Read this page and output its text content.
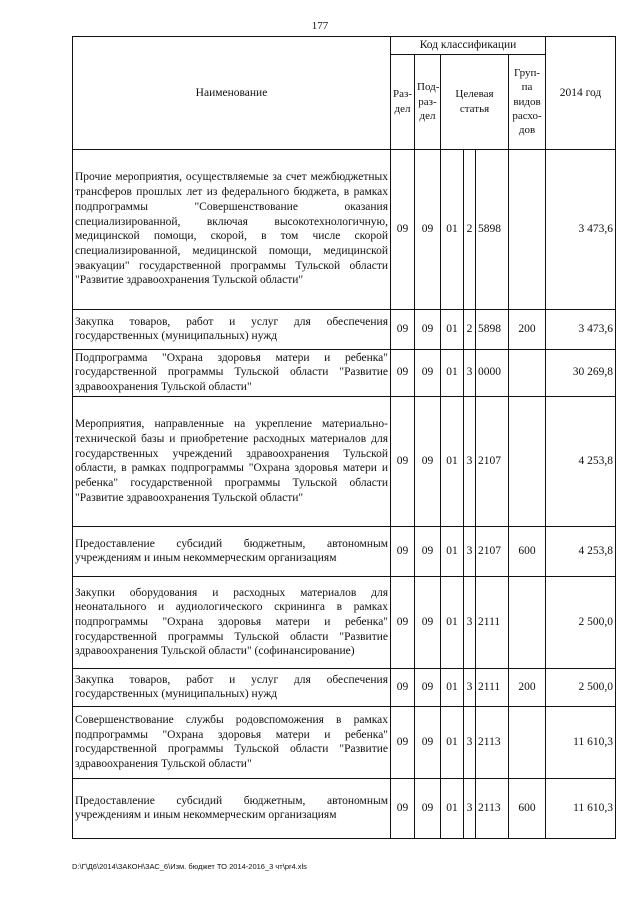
177
Наименование	Код классификации						2014 год
	Раз-дел	Под-раз-дел	Целевая статья			Груп-па видов расхо-дов	
Прочие мероприятия, осуществляемые за счет межбюджетных трансферов прошлых лет из федерального бюджета, в рамках подпрограммы "Совершенствование оказания специализированной, включая высокотехнологичную, медицинской помощи, скорой, в том числе скорой специализированной, медицинской помощи, медицинской эвакуации" государственной программы Тульской области "Развитие здравоохранения Тульской области"	09	09	01	2	5898		3 473,6
Закупка товаров, работ и услуг для обеспечения государственных (муниципальных) нужд	09	09	01	2	5898	200	3 473,6
Подпрограмма "Охрана здоровья матери и ребенка" государственной программы Тульской области "Развитие здравоохранения Тульской области"	09	09	01	3	0000		30 269,8
Мероприятия, направленные на укрепление материально-технической базы и приобретение расходных материалов для государственных учреждений здравоохранения Тульской области, в рамках подпрограммы "Охрана здоровья матери и ребенка" государственной программы Тульской области "Развитие здравоохранения Тульской области"	09	09	01	3	2107		4 253,8
Предоставление субсидий бюджетным, автономным учреждениям и иным некоммерческим организациям	09	09	01	3	2107	600	4 253,8
Закупки оборудования и расходных материалов для неонатального и аудиологического скрининга в рамках подпрограммы "Охрана здоровья матери и ребенка" государственной программы Тульской области "Развитие здравоохранения Тульской области" (софинансирование)	09	09	01	3	2111		2 500,0
Закупка товаров, работ и услуг для обеспечения государственных (муниципальных) нужд	09	09	01	3	2111	200	2 500,0
Совершенствование службы родовспоможения в рамках подпрограммы "Охрана здоровья матери и ребенка" государственной программы Тульской области "Развитие здравоохранения Тульской области"	09	09	01	3	2113		11 610,3
Предоставление субсидий бюджетным, автономным учреждениям и иным некоммерческим организациям	09	09	01	3	2113	600	11 610,3
D:\Г\Д6\2014\ЗАКОН\ЗАС_6\Изм. бюджет ТО 2014-2016_3 чт\pr4.xls
